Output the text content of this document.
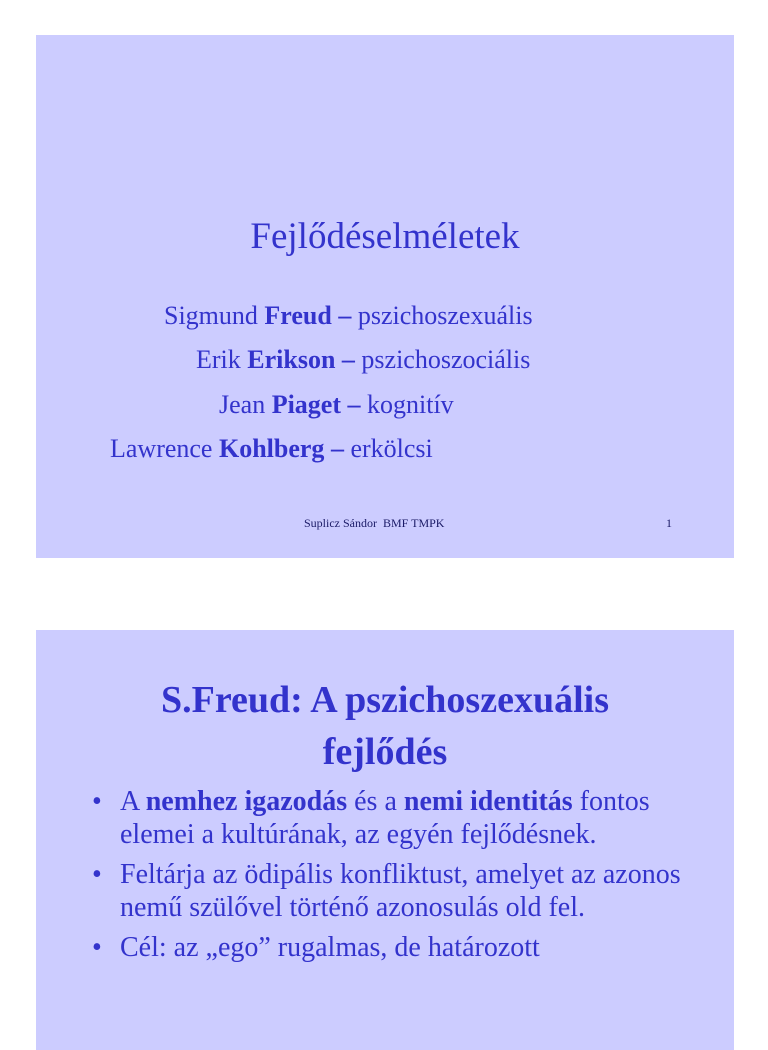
Fejlődéselméletek
Sigmund Freud – pszichoszexuális
Erik Erikson – pszichoszociális
Jean Piaget – kognitív
Lawrence Kohlberg – erkölcsi
Suplicz Sándor  BMF TMPK	1
S.Freud: A pszichoszexuális
fejlődés
• A nemhez igazodás és a nemi identitás fontos elemei a kultúrának, az egyén fejlődésnek.
• Feltárja az ödipális konfliktust, amelyet az azonos nemű szülővel történő azonosulás old fel.
• Cél: az „ego” rugalmas, de határozott
